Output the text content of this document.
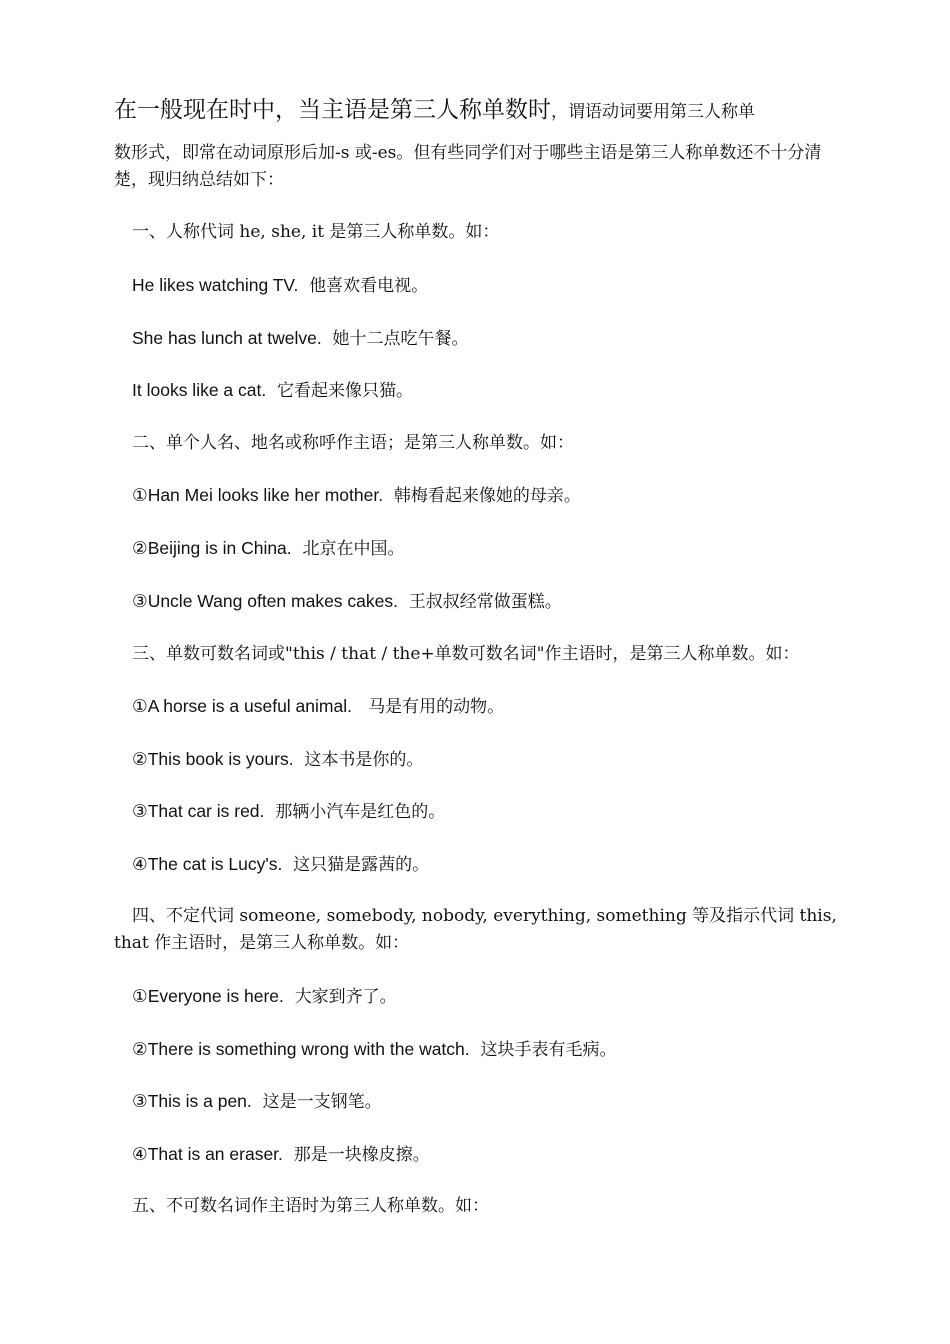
在一般现在时中，当主语是第三人称单数时，谓语动词要用第三人称单
数形式，即常在动词原形后加-s 或-es。但有些同学们对于哪些主语是第三人称单数还不十分清楚，现归纳总结如下：
一、人称代词 he, she, it 是第三人称单数。如：
He likes watching TV. 他喜欢看电视。
She has lunch at twelve. 她十二点吃午餐。
It looks like a cat. 它看起来像只猫。
二、单个人名、地名或称呼作主语；是第三人称单数。如：
①Han Mei looks like her mother. 韩梅看起来像她的母亲。
②Beijing is in China. 北京在中国。
③Uncle Wang often makes cakes. 王叔叔经常做蛋糕。
三、单数可数名词或"this / that / the+单数可数名词"作主语时，是第三人称单数。如：
①A horse is a useful animal. 马是有用的动物。
②This book is yours. 这本书是你的。
③That car is red. 那辆小汽车是红色的。
④The cat is Lucy's. 这只猫是露茜的。
四、不定代词 someone, somebody, nobody, everything, something 等及指示代词 this,
that 作主语时，是第三人称单数。如：
①Everyone is here. 大家到齐了。
②There is something wrong with the watch. 这块手表有毛病。
③This is a pen. 这是一支钢笔。
④That is an eraser. 那是一块橡皮擦。
五、不可数名词作主语时为第三人称单数。如：
